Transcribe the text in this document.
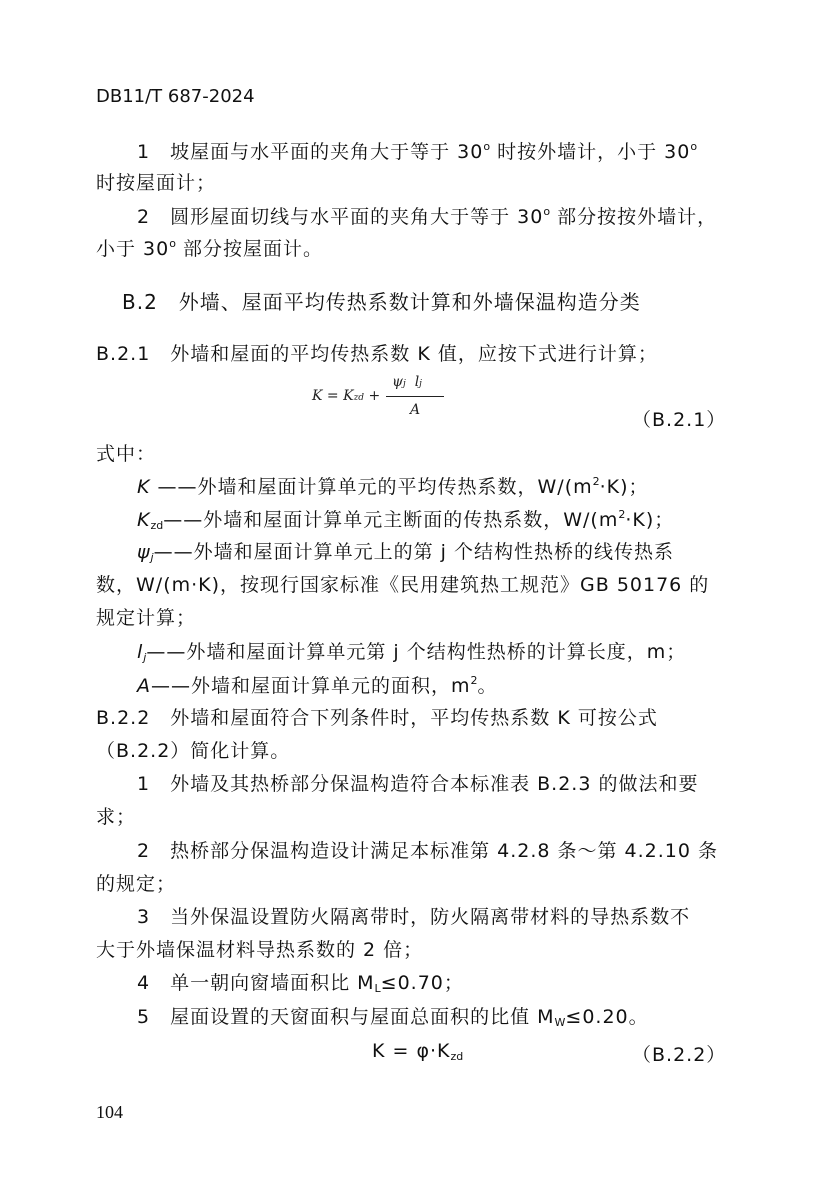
DB11/T 687-2024
1　坡屋面与水平面的夹角大于等于 30$^o$ 时按外墙计，小于 30$^o$
时按屋面计；
2　圆形屋面切线与水平面的夹角大于等于 30$^o$ 部分按按外墙计，
小于 30$^o$ 部分按屋面计。
B.2　外墙、屋面平均传热系数计算和外墙保温构造分类
B.2.1　外墙和屋面的平均传热系数 K 值，应按下式进行计算；
K = Kzd +
ψj lj
A	（B.2.1）
式中：
K ——外墙和屋面计算单元的平均传热系数，$W/(m^2\cdot K)$；
$K_{zd}——$外墙和屋面计算单元主断面的传热系数，$W/(m^2\cdot K)$；
$\psi_j——$外墙和屋面计算单元上的第 j 个结构性热桥的线传热系
数，W/(m·K)，按现行国家标准《民用建筑热工规范》GB 50176 的
规定计算；
$l_j——$外墙和屋面计算单元第 j 个结构性热桥的计算长度，m；
A——外墙和屋面计算单元的面积，$m^2$。
B.2.2　外墙和屋面符合下列条件时，平均传热系数 K 可按公式
（B.2.2）简化计算。
1　外墙及其热桥部分保温构造符合本标准表 B.2.3 的做法和要
求；
2　热桥部分保温构造设计满足本标准第 4.2.8 条～第 4.2.10 条
的规定；
3　当外保温设置防火隔离带时，防火隔离带材料的导热系数不
大于外墙保温材料导热系数的 2 倍；
4　单一朝向窗墙面积比 $M_L\le 0.70$；
5　屋面设置的天窗面积与屋面总面积的比值 $M_W\le 0.20$。
$K = \varphi\cdot K_{zd}$	（B.2.2）
104
